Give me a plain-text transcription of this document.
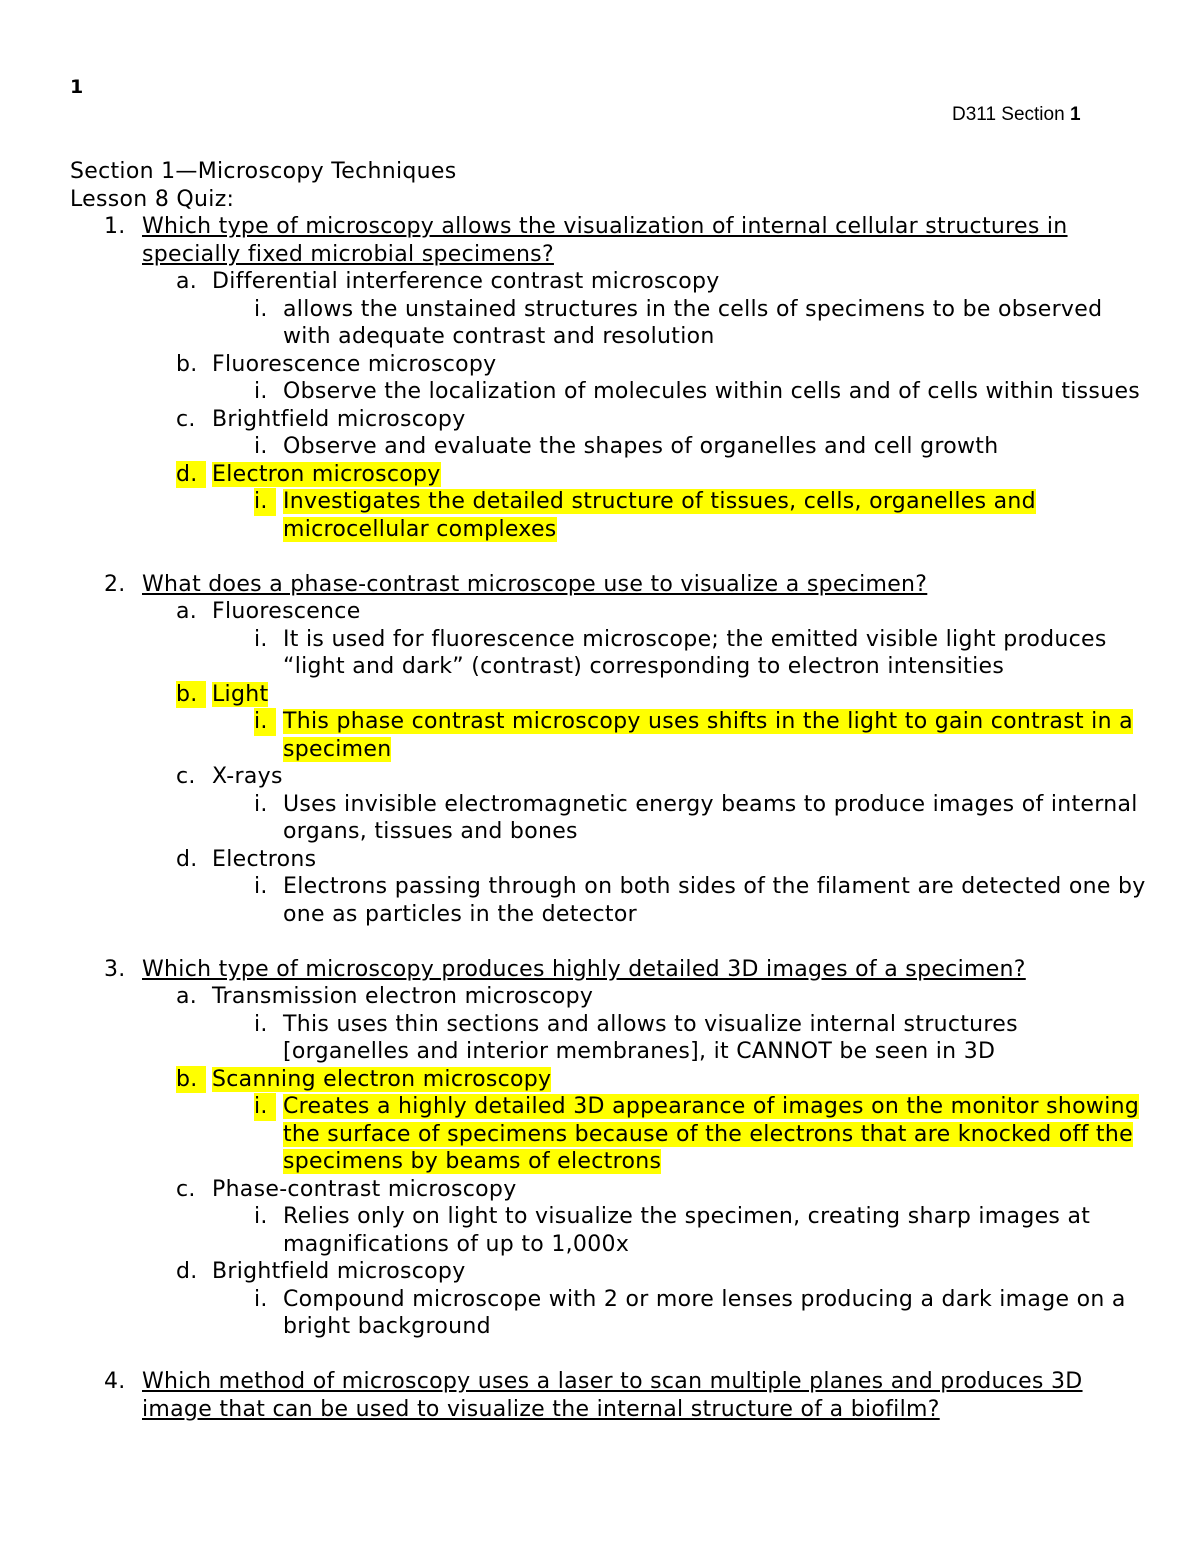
1
D311 Section 1
Section 1—Microscopy Techniques
Lesson 8 Quiz:
1. Which type of microscopy allows the visualization of internal cellular structures in specially fixed microbial specimens?
a. Differential interference contrast microscopy
i. allows the unstained structures in the cells of specimens to be observed with adequate contrast and resolution
b. Fluorescence microscopy
i. Observe the localization of molecules within cells and of cells within tissues
c. Brightfield microscopy
i. Observe and evaluate the shapes of organelles and cell growth
d. Electron microscopy
i. Investigates the detailed structure of tissues, cells, organelles and microcellular complexes
2. What does a phase-contrast microscope use to visualize a specimen?
a. Fluorescence
i. It is used for fluorescence microscope; the emitted visible light produces “light and dark” (contrast) corresponding to electron intensities
b. Light
i. This phase contrast microscopy uses shifts in the light to gain contrast in a specimen
c. X-rays
i. Uses invisible electromagnetic energy beams to produce images of internal organs, tissues and bones
d. Electrons
i. Electrons passing through on both sides of the filament are detected one by one as particles in the detector
3. Which type of microscopy produces highly detailed 3D images of a specimen?
a. Transmission electron microscopy
i. This uses thin sections and allows to visualize internal structures [organelles and interior membranes], it CANNOT be seen in 3D
b. Scanning electron microscopy
i. Creates a highly detailed 3D appearance of images on the monitor showing the surface of specimens because of the electrons that are knocked off the specimens by beams of electrons
c. Phase-contrast microscopy
i. Relies only on light to visualize the specimen, creating sharp images at magnifications of up to 1,000x
d. Brightfield microscopy
i. Compound microscope with 2 or more lenses producing a dark image on a bright background
4. Which method of microscopy uses a laser to scan multiple planes and produces 3D image that can be used to visualize the internal structure of a biofilm?
